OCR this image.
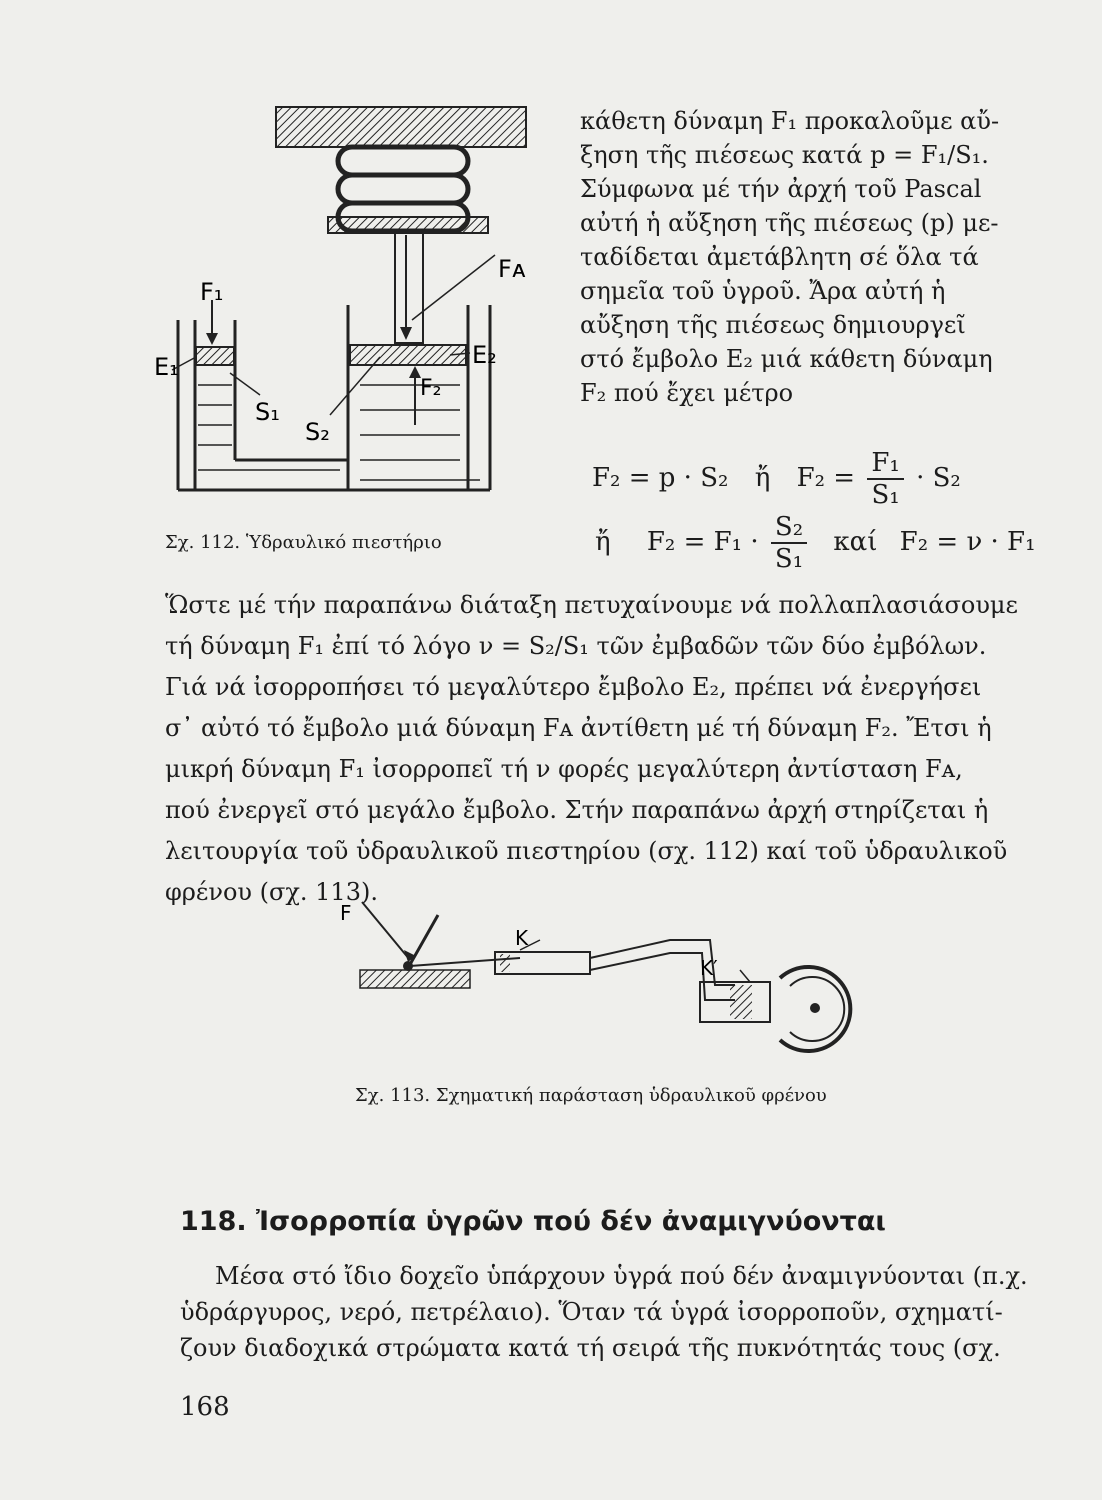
F₁
Fᴀ
E₁	E₂
F₂
S₁
S₂
κάθετη δύναμη F₁ προκαλοῦμε αὔ-
ξηση τῆς πιέσεως κατά p = F₁/S₁.
Σύμφωνα μέ τήν ἀρχή τοῦ Pascal
αὐτή ἡ αὔξηση τῆς πιέσεως (p) με-
ταδίδεται ἀμετάβλητη σέ ὅλα τά
σημεῖα τοῦ ὑγροῦ. Ἄρα αὐτή ἡ
αὔξηση τῆς πιέσεως δημιουργεῖ
στό ἔμβολο E₂ μιά κάθετη δύναμη
F₂ πού ἔχει μέτρο
F₂ = p · S₂ ἤ $F_2 = \frac{\text{F₁}}{\text{S₁}} \cdot S_2$
Σχ. 112. Ὑδραυλικό πιεστήριο	ἤ $F_2 = F_1 \cdot \frac{\text{S₂}}{\text{S₁}}$ καί F₂ = ν · F₁
Ὥστε μέ τήν παραπάνω διάταξη πετυχαίνουμε νά πολλαπλασιάσουμε
τή δύναμη F₁ ἐπί τό λόγο ν = S₂/S₁ τῶν ἐμβαδῶν τῶν δύο ἐμβόλων.
Γιά νά ἰσορροπήσει τό μεγαλύτερο ἔμβολο E₂, πρέπει νά ἐνεργήσει
σ᾽ αὐτό τό ἔμβολο μιά δύναμη Fᴀ ἀντίθετη μέ τή δύναμη F₂. Ἔτσι ἡ
μικρή δύναμη F₁ ἰσορροπεῖ τή ν φορές μεγαλύτερη ἀντίσταση Fᴀ,
πού ἐνεργεῖ στό μεγάλο ἔμβολο. Στήν παραπάνω ἀρχή στηρίζεται ἡ
λειτουργία τοῦ ὑδραυλικοῦ πιεστηρίου (σχ. 112) καί τοῦ ὑδραυλικοῦ
φρένου (σχ. 113).
F
K
K′
Σχ. 113. Σχηματική παράσταση ὑδραυλικοῦ φρένου
118. Ἰσορροπία ὑγρῶν πού δέν ἀναμιγνύονται
Μέσα στό ἴδιο δοχεῖο ὑπάρχουν ὑγρά πού δέν ἀναμιγνύονται (π.χ.
ὑδράργυρος, νερό, πετρέλαιο). Ὅταν τά ὑγρά ἰσορροποῦν, σχηματί-
ζουν διαδοχικά στρώματα κατά τή σειρά τῆς πυκνότητάς τους (σχ.
168
